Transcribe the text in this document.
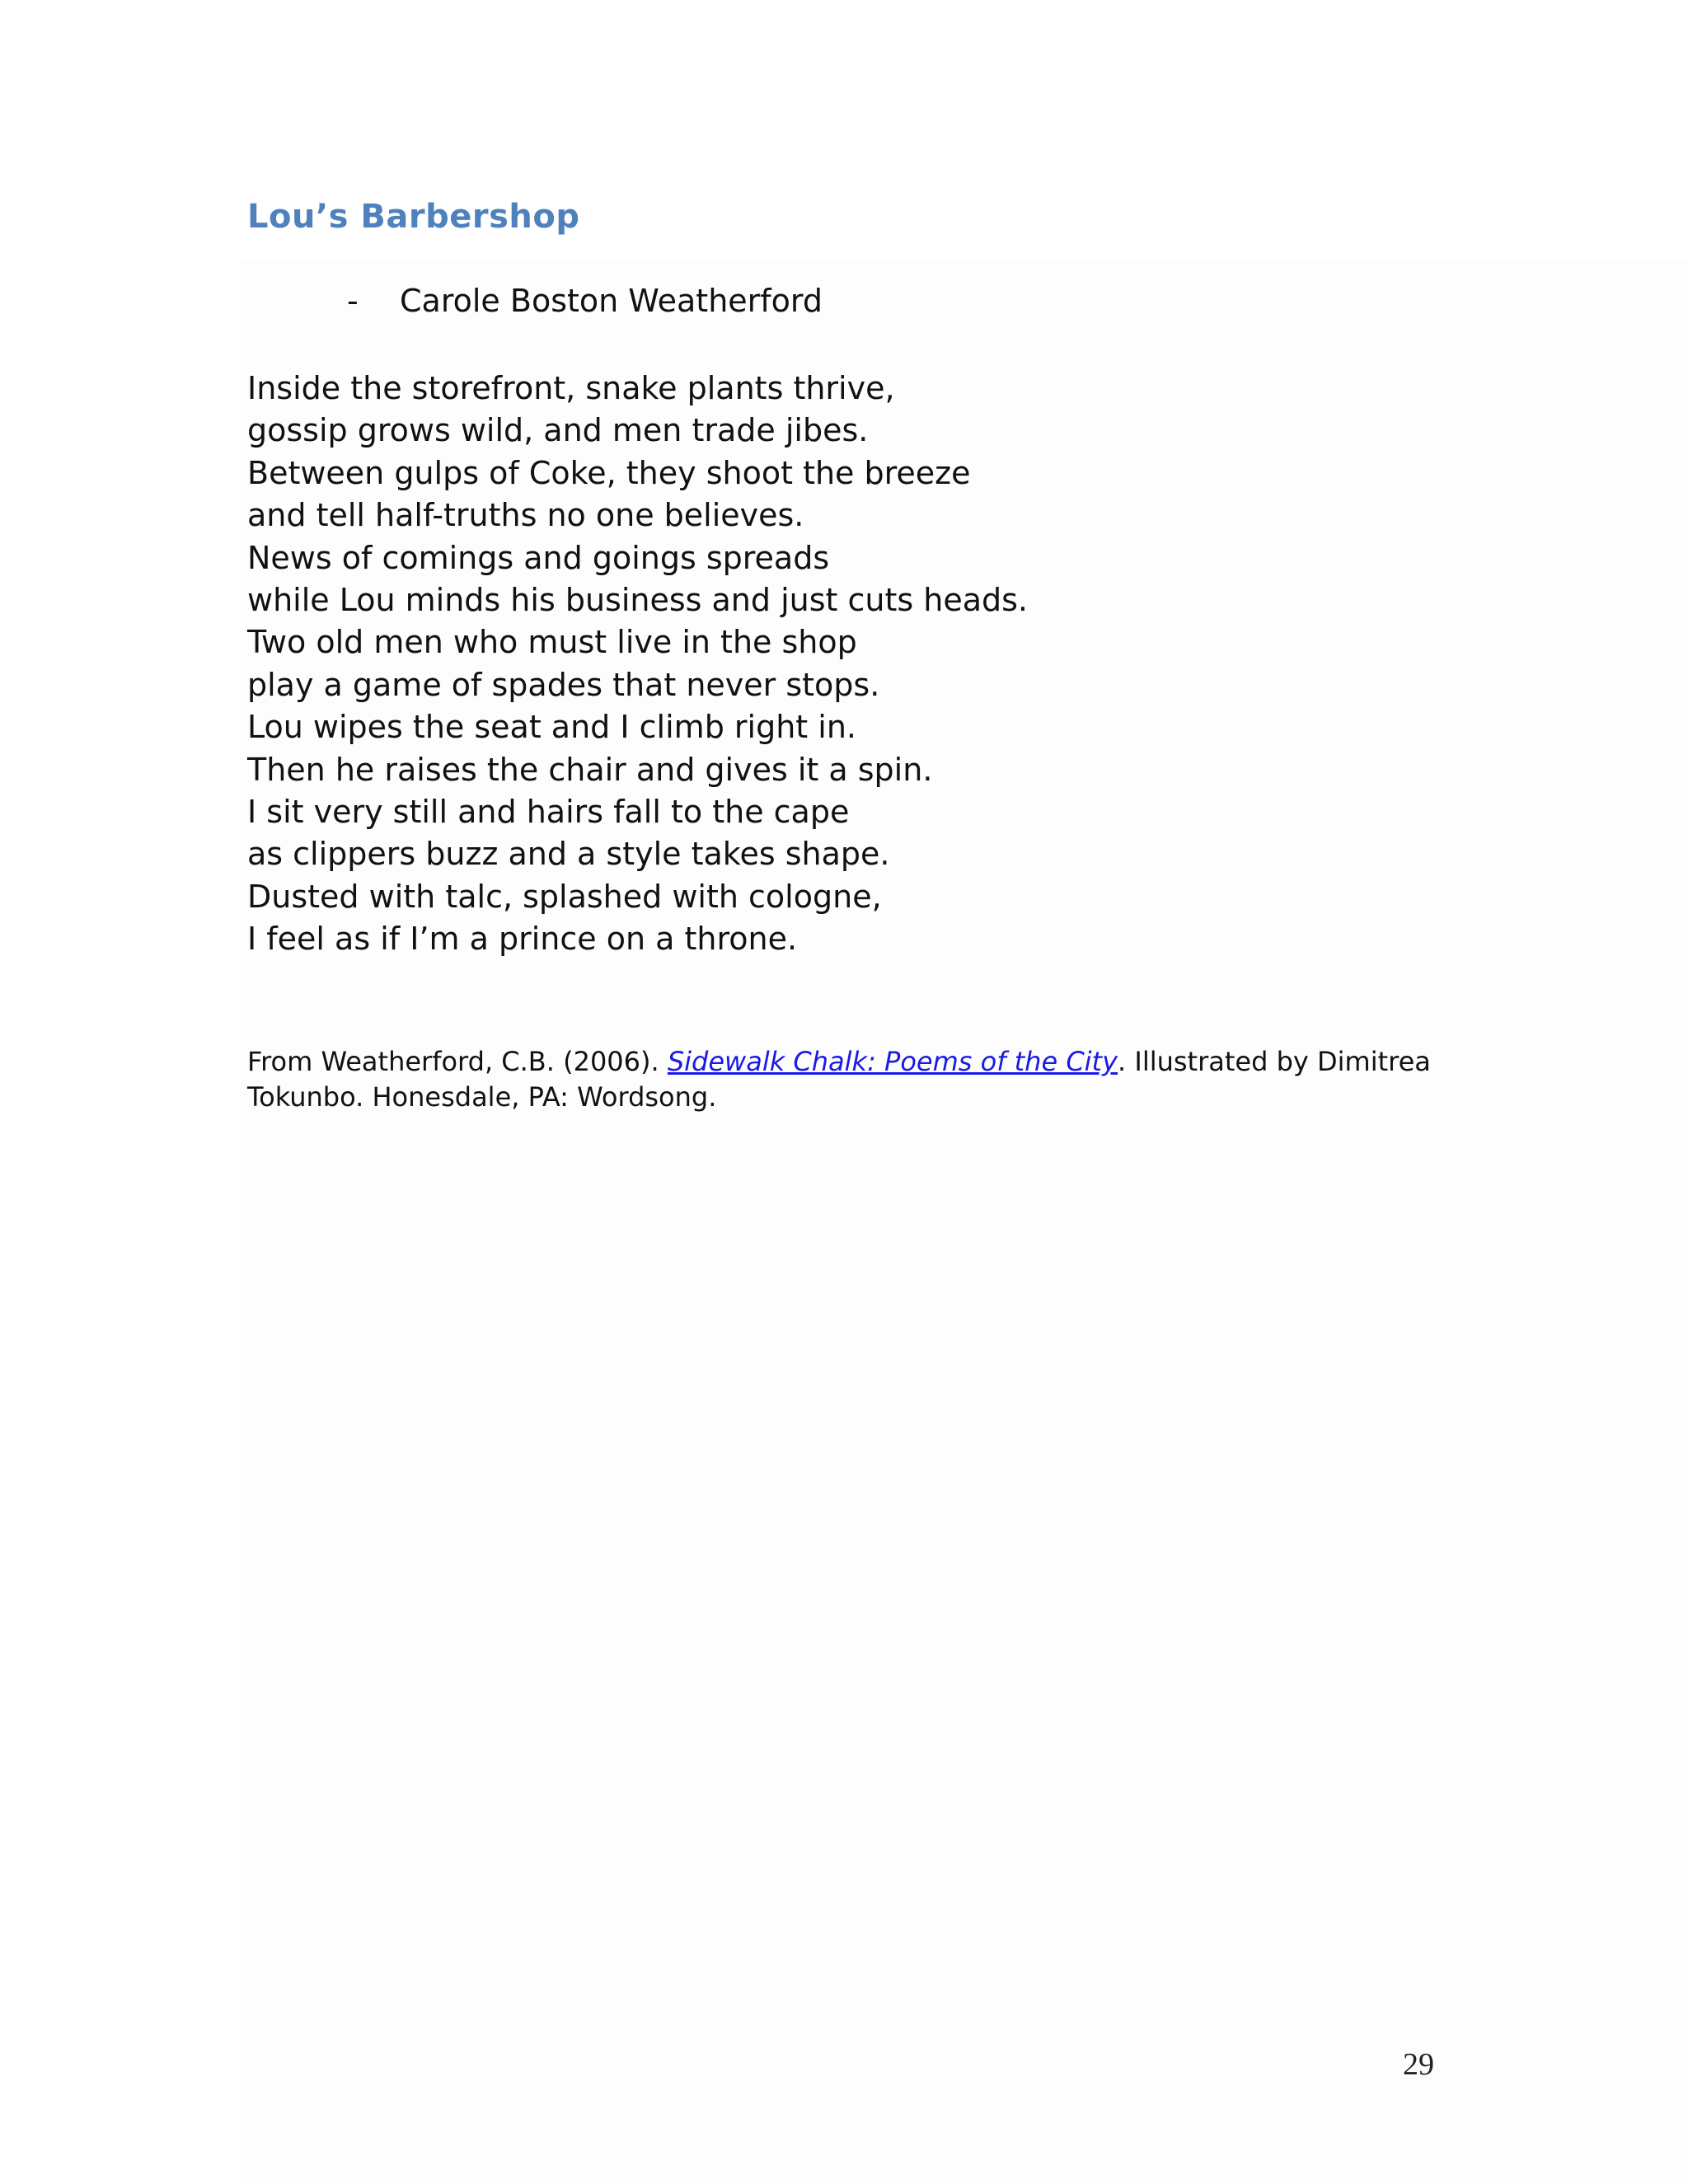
Lou’s Barbershop
-	Carole Boston Weatherford
Inside the storefront, snake plants thrive,
gossip grows wild, and men trade jibes.
Between gulps of Coke, they shoot the breeze
and tell half-truths no one believes.
News of comings and goings spreads
while Lou minds his business and just cuts heads.
Two old men who must live in the shop
play a game of spades that never stops.
Lou wipes the seat and I climb right in.
Then he raises the chair and gives it a spin.
I sit very still and hairs fall to the cape
as clippers buzz and a style takes shape.
Dusted with talc, splashed with cologne,
I feel as if I’m a prince on a throne.
From Weatherford, C.B. (2006). Sidewalk Chalk: Poems of the City. Illustrated by Dimitrea Tokunbo. Honesdale, PA: Wordsong.
29
